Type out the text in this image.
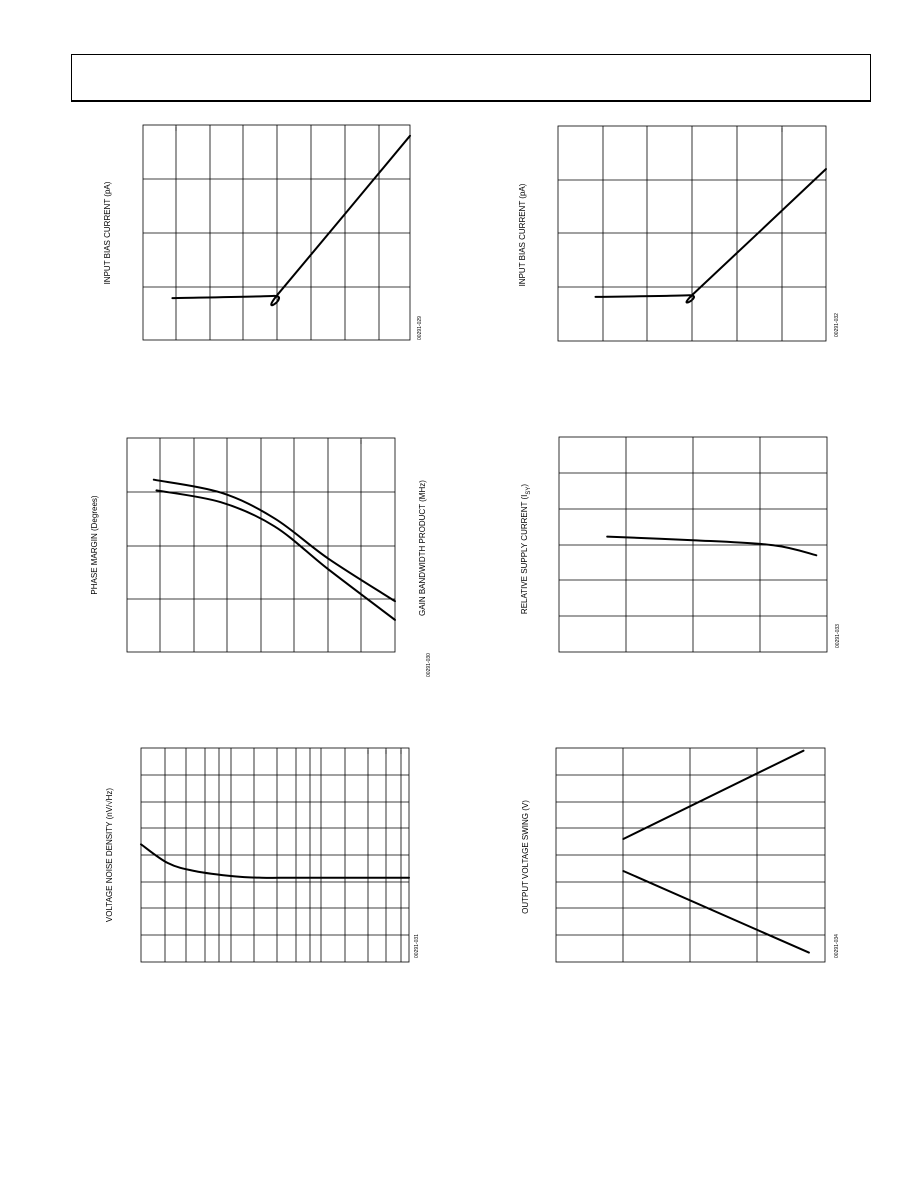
INPUT BIAS CURRENT (pA)
00291-029
INPUT BIAS CURRENT (pA)
00291-032
PHASE MARGIN (Degrees)	GAIN BANDWIDTH PRODUCT (MHz)
00291-030
RELATIVE SUPPLY CURRENT $(I_{SY})$
00291-033
VOLTAGE NOISE DENSITY (nV/√Hz)
00291-031
OUTPUT VOLTAGE SWING (V)
00291-034
